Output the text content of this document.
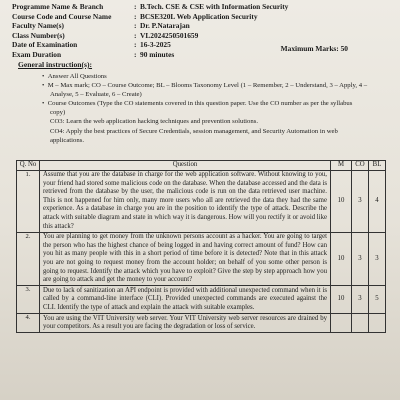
Programme Name & Branch	: B.Tech. CSE & CSE with Information Security
Course Code and Course Name	: BCSE320L Web Application Security
Faculty Name(s)	: Dr. P.Natarajan
Class Number(s)	: VL2024250501659
Date of Examination	: 16-3-2025
Exam Duration	: 90 minutes
Maximum Marks: 50
General instruction(s):

•  Answer All Questions

•  M – Max mark; CO – Course Outcome; BL – Blooms Taxonomy Level (1 – Remember, 2 – Understand, 3 – Apply, 4 – Analyse, 5 – Evaluate, 6 – Create)

•  Course Outcomes (Type the CO statements covered in this question paper. Use the CO number as per the syllabus copy)

CO3: Learn the web application hacking techniques and prevention solutions.

CO4: Apply the best practices of Secure Credentials, session management, and Security Automation in web applications.

Q. No	Question	M	CO	BL
1.	Assume that you are the database in charge for the web application software. Without knowing to you, your friend had stored some malicious code on the database. When the database accessed and the data is retrieved from the database by the user, the malicious code is run on the data retrieved user machine. This is not happened for him only, many more users who all are retrieved the data they had the same experience. As a database in charge you are in the position to identify the type of attack. Describe the attack with suitable diagram and state in which way it is dangerous. How will you rectify it or avoid like this attack?	10	3	4
2.	You are planning to get money from the unknown persons account as a hacker. You are going to target the person who has the highest chance of being logged in and having correct amount of fund? How can you hit as many people with this in a short period of time before it is detected? Note that in this attack you are not going to request money from the account holder; on behalf of you some other person is going to request. Identify the attack which you have to exploit? Give the step by step approach how you are going to attack and get the money to your account?	10	3	3
3.	Due to lack of sanitization an API endpoint is provided with additional unexpected command when it is called by a command-line interface (CLI). Provided unexpected commands are executed against the CLI. Identify the type of attack and explain the attack with suitable examples.	10	3	5
4.	You are using the VIT University web server. Your VIT University web server resources are drained by your competitors. As a result you are facing the degradation or loss of service.			
